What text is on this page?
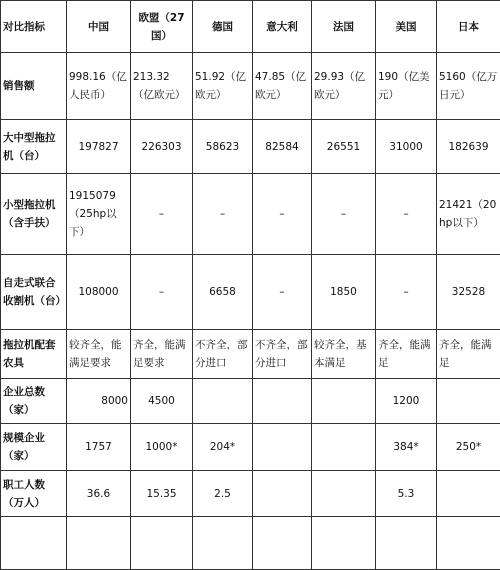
对比指标	中国	欧盟（27国）	德国	意大利	法国	美国	日本
销售额	998.16（亿人民币）	213.32（亿欧元）	51.92（亿欧元）	47.85（亿欧元）	29.93（亿欧元）	190（亿美元）	5160（亿万日元）
大中型拖拉机（台）	197827	226303	58623	82584	26551	31000	182639
小型拖拉机（含手扶）	1915079（25hp以下）	–	–	–	–	–	21421（20hp以下）
自走式联合收割机（台）	108000	–	6658	–	1850	–	32528
拖拉机配套农具	较齐全，能满足要求	齐全，能满足要求	不齐全，部分进口	不齐全，部分进口	较齐全，基本满足	齐全，能满足	齐全，能满足
企业总数（家）	8000	4500				1200	
规模企业（家）	1757	1000*	204*			384*	250*
职工人数（万人）	36.6	15.35	2.5			5.3	
